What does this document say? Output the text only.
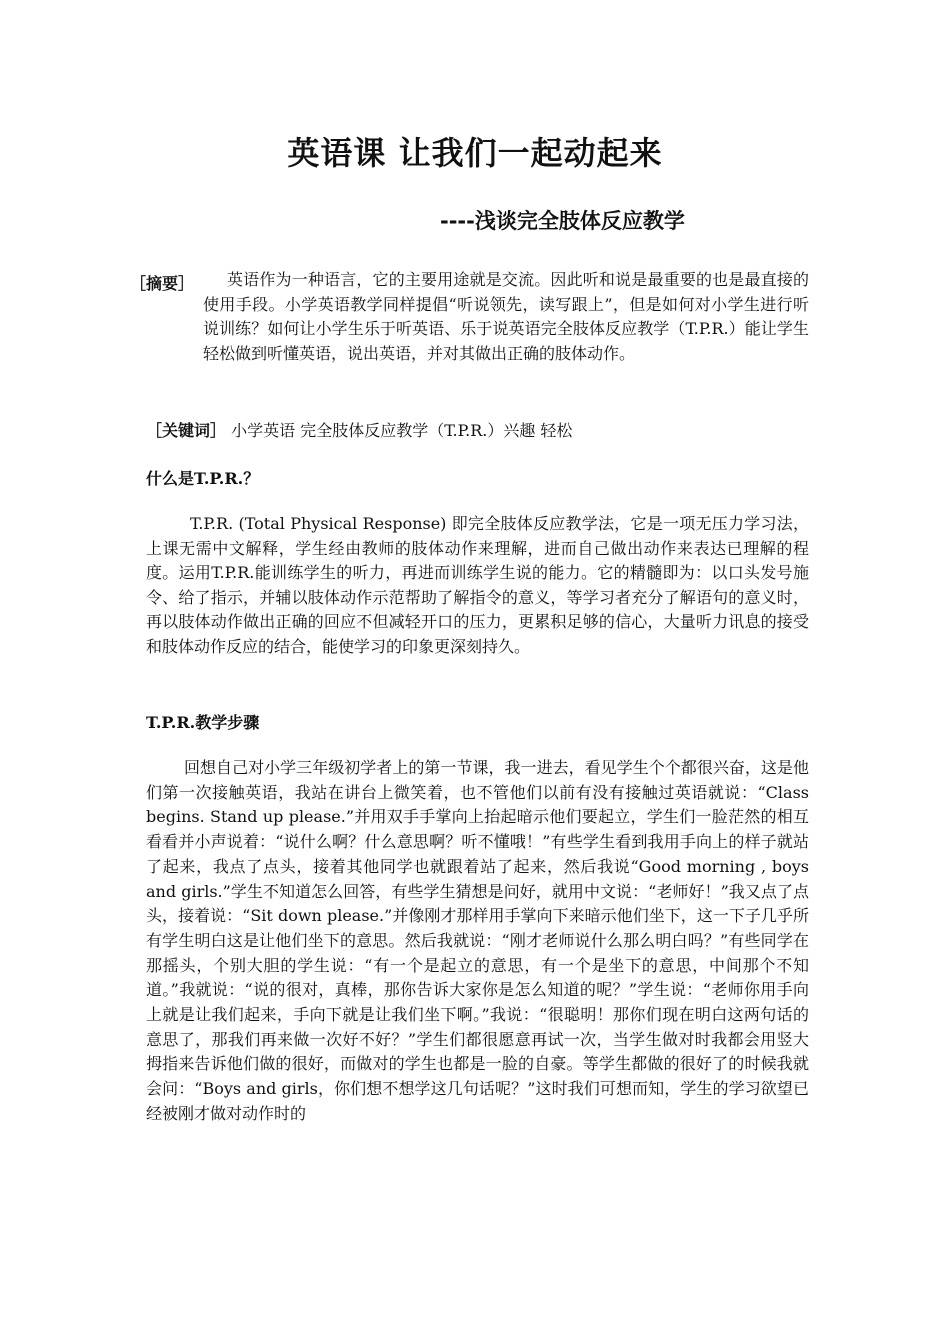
英语课 让我们一起动起来
----浅谈完全肢体反应教学
［摘要］	英语作为一种语言，它的主要用途就是交流。因此听和说是最重要的也是最直接的使用手段。小学英语教学同样提倡“听说领先，读写跟上”，但是如何对小学生进行听说训练？如何让小学生乐于听英语、乐于说英语完全肢体反应教学（T.P.R.）能让学生轻松做到听懂英语，说出英语，并对其做出正确的肢体动作。

［关键词］ 小学英语 完全肢体反应教学（T.P.R.）兴趣 轻松
什么是T.P.R.？

T.P.R. (Total Physical Response) 即完全肢体反应教学法，它是一项无压力学习法，上课无需中文解释，学生经由教师的肢体动作来理解，进而自己做出动作来表达已理解的程度。运用T.P.R.能训练学生的听力，再进而训练学生说的能力。它的精髓即为：以口头发号施令、给了指示，并辅以肢体动作示范帮助了解指令的意义，等学习者充分了解语句的意义时，再以肢体动作做出正确的回应不但减轻开口的压力，更累积足够的信心，大量听力讯息的接受和肢体动作反应的结合，能使学习的印象更深刻持久。

T.P.R.教学步骤

回想自己对小学三年级初学者上的第一节课，我一进去，看见学生个个都很兴奋，这是他们第一次接触英语，我站在讲台上微笑着，也不管他们以前有没有接触过英语就说：“Class begins. Stand up please.”并用双手手掌向上抬起暗示他们要起立，学生们一脸茫然的相互看看并小声说着：“说什么啊？什么意思啊？听不懂哦！”有些学生看到我用手向上的样子就站了起来，我点了点头，接着其他同学也就跟着站了起来，然后我说“Good morning , boys and girls.”学生不知道怎么回答，有些学生猜想是问好，就用中文说：“老师好！”我又点了点头，接着说：“Sit down please.”并像刚才那样用手掌向下来暗示他们坐下，这一下子几乎所有学生明白这是让他们坐下的意思。然后我就说：“刚才老师说什么那么明白吗？”有些同学在那摇头，个别大胆的学生说：“有一个是起立的意思，有一个是坐下的意思，中间那个不知道。”我就说：“说的很对，真棒，那你告诉大家你是怎么知道的呢？”学生说：“老师你用手向上就是让我们起来，手向下就是让我们坐下啊。”我说：“很聪明！那你们现在明白这两句话的意思了，那我们再来做一次好不好？”学生们都很愿意再试一次，当学生做对时我都会用竖大拇指来告诉他们做的很好，而做对的学生也都是一脸的自豪。等学生都做的很好了的时候我就会问：“Boys and girls，你们想不想学这几句话呢？”这时我们可想而知，学生的学习欲望已经被刚才做对动作时的
